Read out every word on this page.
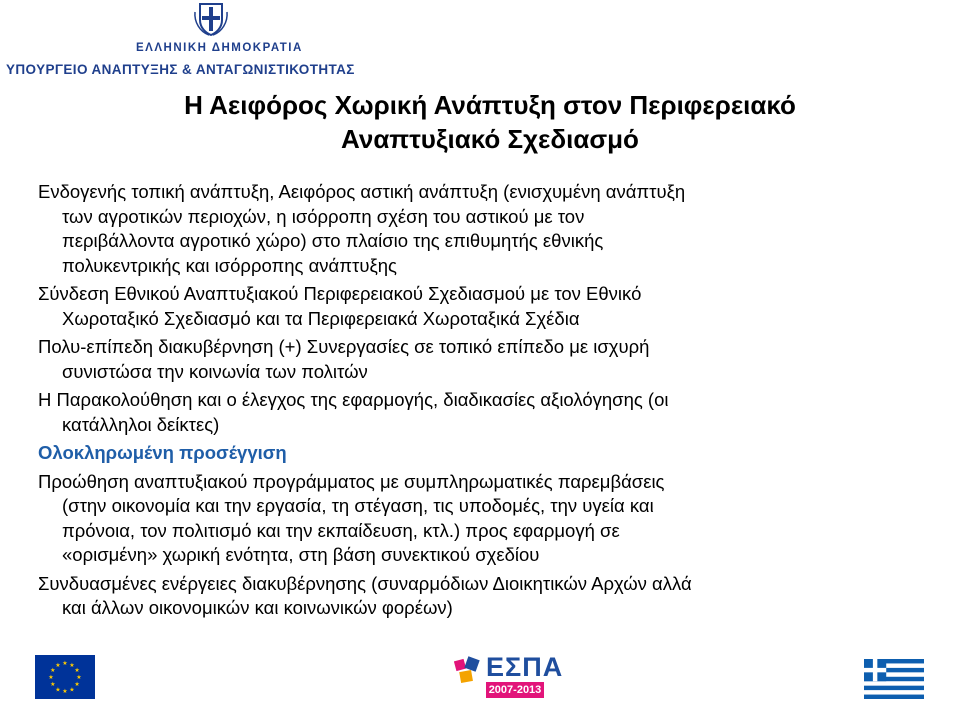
ΕΛΛΗΝΙΚΗ ΔΗΜΟΚΡΑΤΙΑ
ΥΠΟΥΡΓΕΙΟ ΑΝΑΠΤΥΞΗΣ & ΑΝΤΑΓΩΝΙΣΤΙΚΟΤΗΤΑΣ
Η Αειφόρος Χωρική Ανάπτυξη στον Περιφερειακό
Αναπτυξιακό Σχεδιασμό
Ενδογενής τοπική ανάπτυξη, Αειφόρος αστική ανάπτυξη (ενισχυμένη ανάπτυξη
των αγροτικών περιοχών, η ισόρροπη σχέση του αστικού με τον
περιβάλλοντα αγροτικό χώρο) στο πλαίσιο της επιθυμητής εθνικής
πολυκεντρικής και ισόρροπης ανάπτυξης
Σύνδεση Εθνικού Αναπτυξιακού Περιφερειακού Σχεδιασμού με τον Εθνικό
Χωροταξικό Σχεδιασμό και τα Περιφερειακά Χωροταξικά Σχέδια
Πολυ-επίπεδη διακυβέρνηση (+) Συνεργασίες σε τοπικό επίπεδο με ισχυρή
συνιστώσα την κοινωνία των πολιτών
Η Παρακολούθηση και ο έλεγχος της εφαρμογής, διαδικασίες αξιολόγησης (οι
κατάλληλοι δείκτες)
Ολοκληρωμένη προσέγγιση
Προώθηση αναπτυξιακού προγράμματος με συμπληρωματικές παρεμβάσεις
(στην οικονομία και την εργασία, τη στέγαση, τις υποδομές, την υγεία και
πρόνοια, τον πολιτισμό και την εκπαίδευση, κτλ.) προς εφαρμογή σε
«ορισμένη» χωρική ενότητα, στη βάση συνεκτικού σχεδίου
Συνδυασμένες ενέργειες διακυβέρνησης (συναρμόδιων Διοικητικών Αρχών αλλά
και άλλων οικονομικών και κοινωνικών φορέων)
★ ★
★
★
★
★
★
★
★
★
★
★	ΕΣΠΑ
2007-2013
